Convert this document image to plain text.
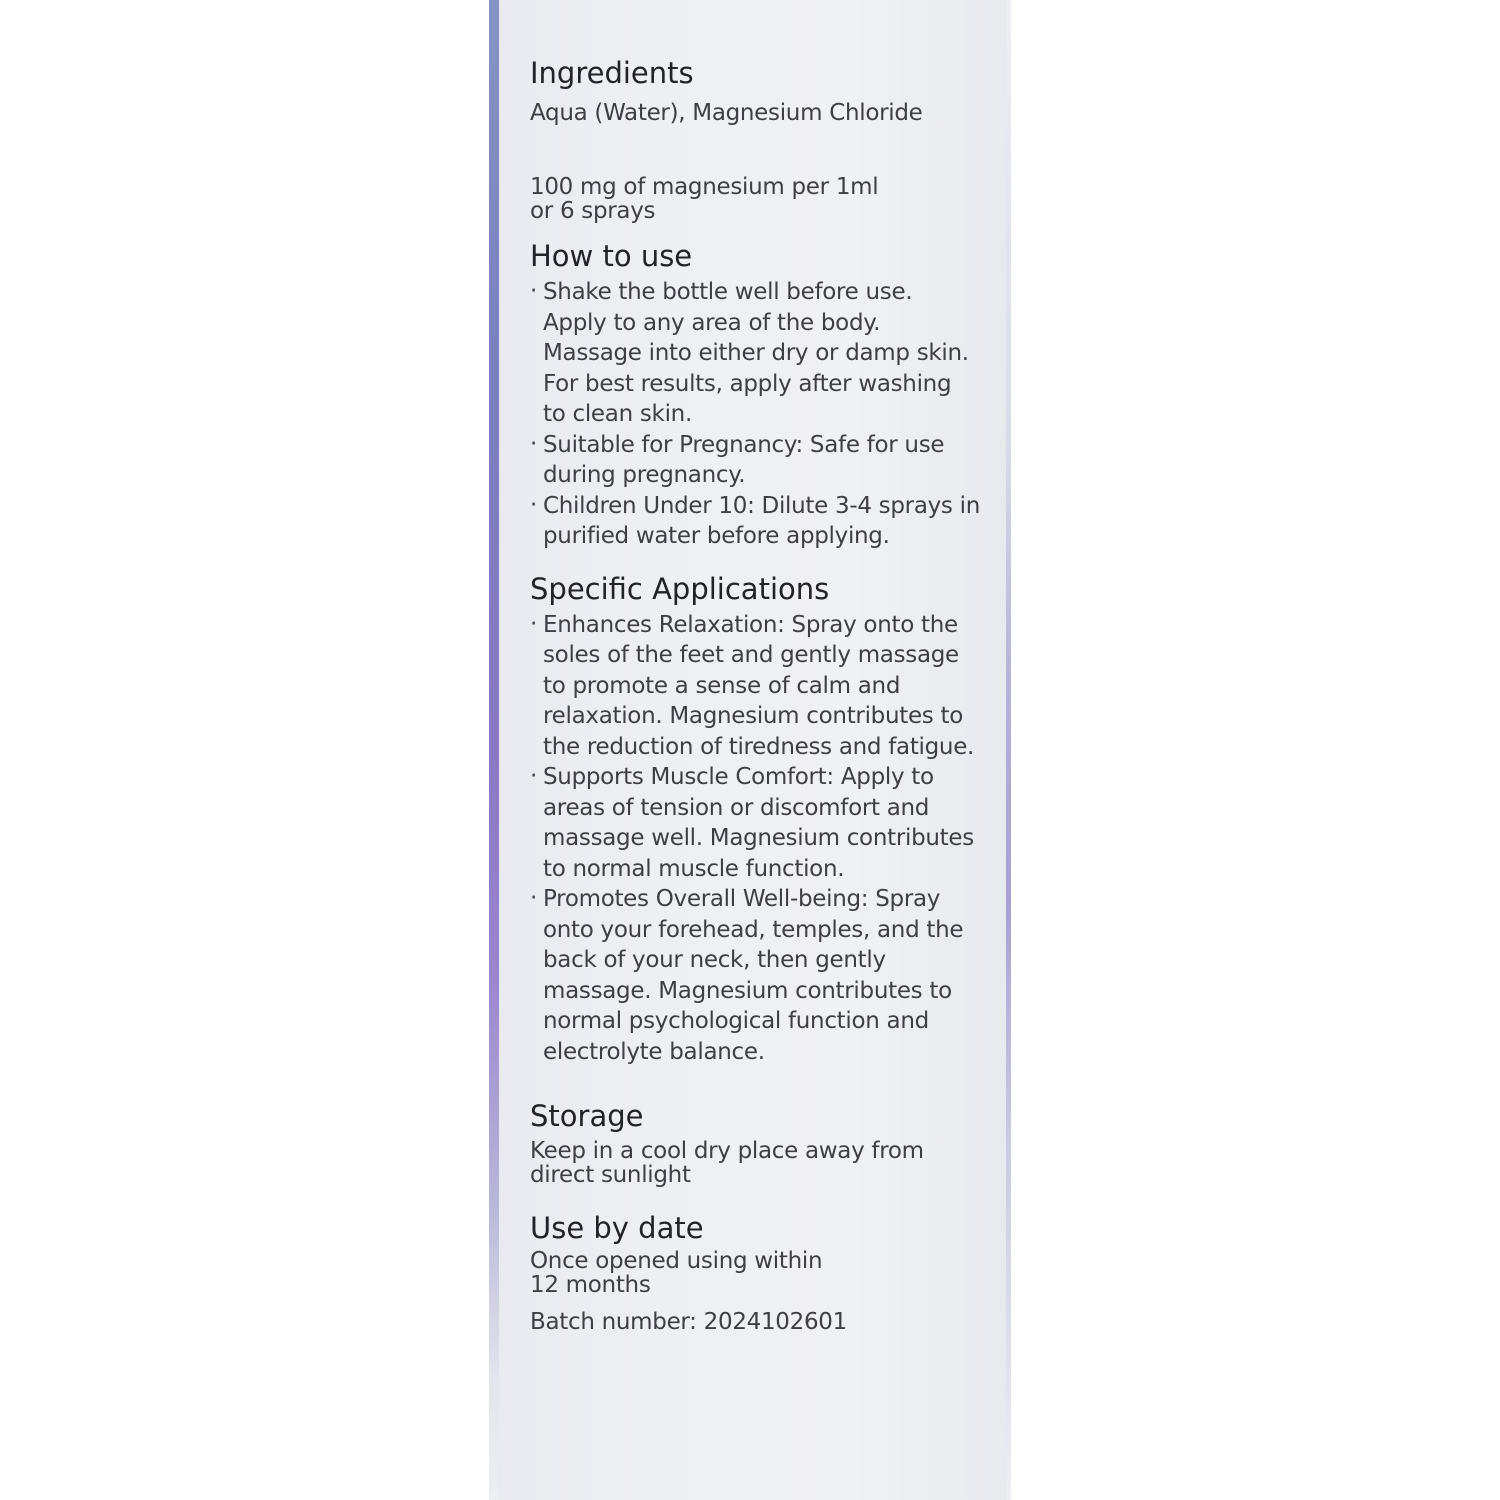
Ingredients

Aqua (Water), Magnesium Chloride

100 mg of magnesium per 1ml

or 6 sprays

How to use
· Shake the bottle well before use. Apply to any area of the body. Massage into either dry or damp skin. For best results, apply after washing to clean skin.
· Suitable for Pregnancy: Safe for use during pregnancy.
· Children Under 10: Dilute 3-4 sprays in purified water before applying.
Specific Applications
· Enhances Relaxation: Spray onto the soles of the feet and gently massage to promote a sense of calm and relaxation. Magnesium contributes to the reduction of tiredness and fatigue.
· Supports Muscle Comfort: Apply to areas of tension or discomfort and massage well. Magnesium contributes to normal muscle function.
· Promotes Overall Well-being: Spray onto your forehead, temples, and the back of your neck, then gently massage. Magnesium contributes to normal psychological function and electrolyte balance.
Storage

Keep in a cool dry place away from

direct sunlight

Use by date

Once opened using within

12 months

Batch number: 2024102601
